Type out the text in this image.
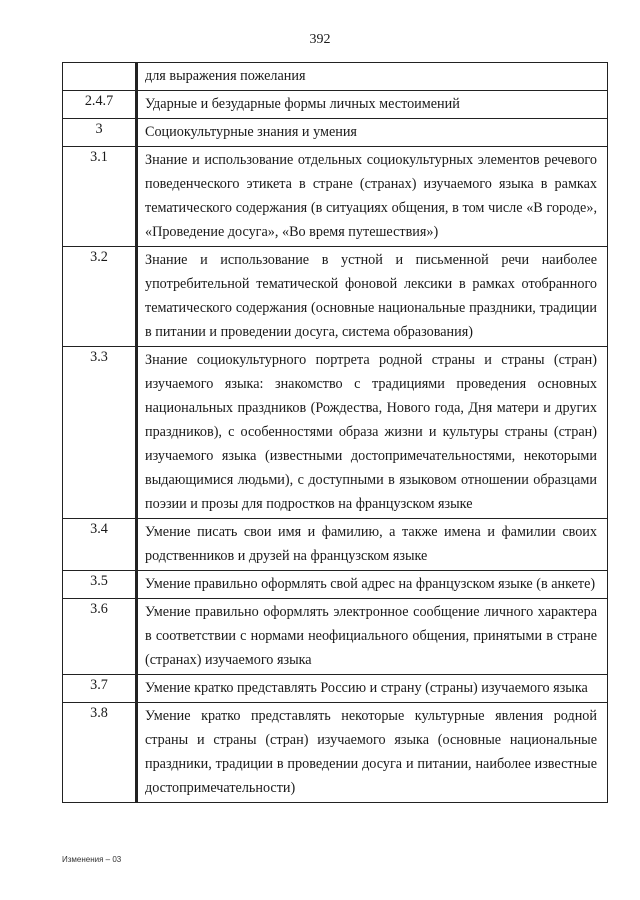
392
	для выражения пожелания
2.4.7	Ударные и безударные формы личных местоимений
3	Социокультурные знания и умения
3.1	Знание и использование отдельных социокультурных элементов речевого поведенческого этикета в стране (странах) изучаемого языка в рамках тематического содержания (в ситуациях общения, в том числе «В городе», «Проведение досуга», «Во время путешествия»)
3.2	Знание и использование в устной и письменной речи наиболее употребительной тематической фоновой лексики в рамках отобранного тематического содержания (основные национальные праздники, традиции в питании и проведении досуга, система образования)
3.3	Знание социокультурного портрета родной страны и страны (стран) изучаемого языка: знакомство с традициями проведения основных национальных праздников (Рождества, Нового года, Дня матери и других праздников), с особенностями образа жизни и культуры страны (стран) изучаемого языка (известными достопримечательностями, некоторыми выдающимися людьми), с доступными в языковом отношении образцами поэзии и прозы для подростков на французском языке
3.4	Умение писать свои имя и фамилию, а также имена и фамилии своих родственников и друзей на французском языке
3.5	Умение правильно оформлять свой адрес на французском языке (в анкете)
3.6	Умение правильно оформлять электронное сообщение личного характера в соответствии с нормами неофициального общения, принятыми в стране (странах) изучаемого языка
3.7	Умение кратко представлять Россию и страну (страны) изучаемого языка
3.8	Умение кратко представлять некоторые культурные явления родной страны и страны (стран) изучаемого языка (основные национальные праздники, традиции в проведении досуга и питании, наиболее известные достопримечательности)
Изменения – 03
